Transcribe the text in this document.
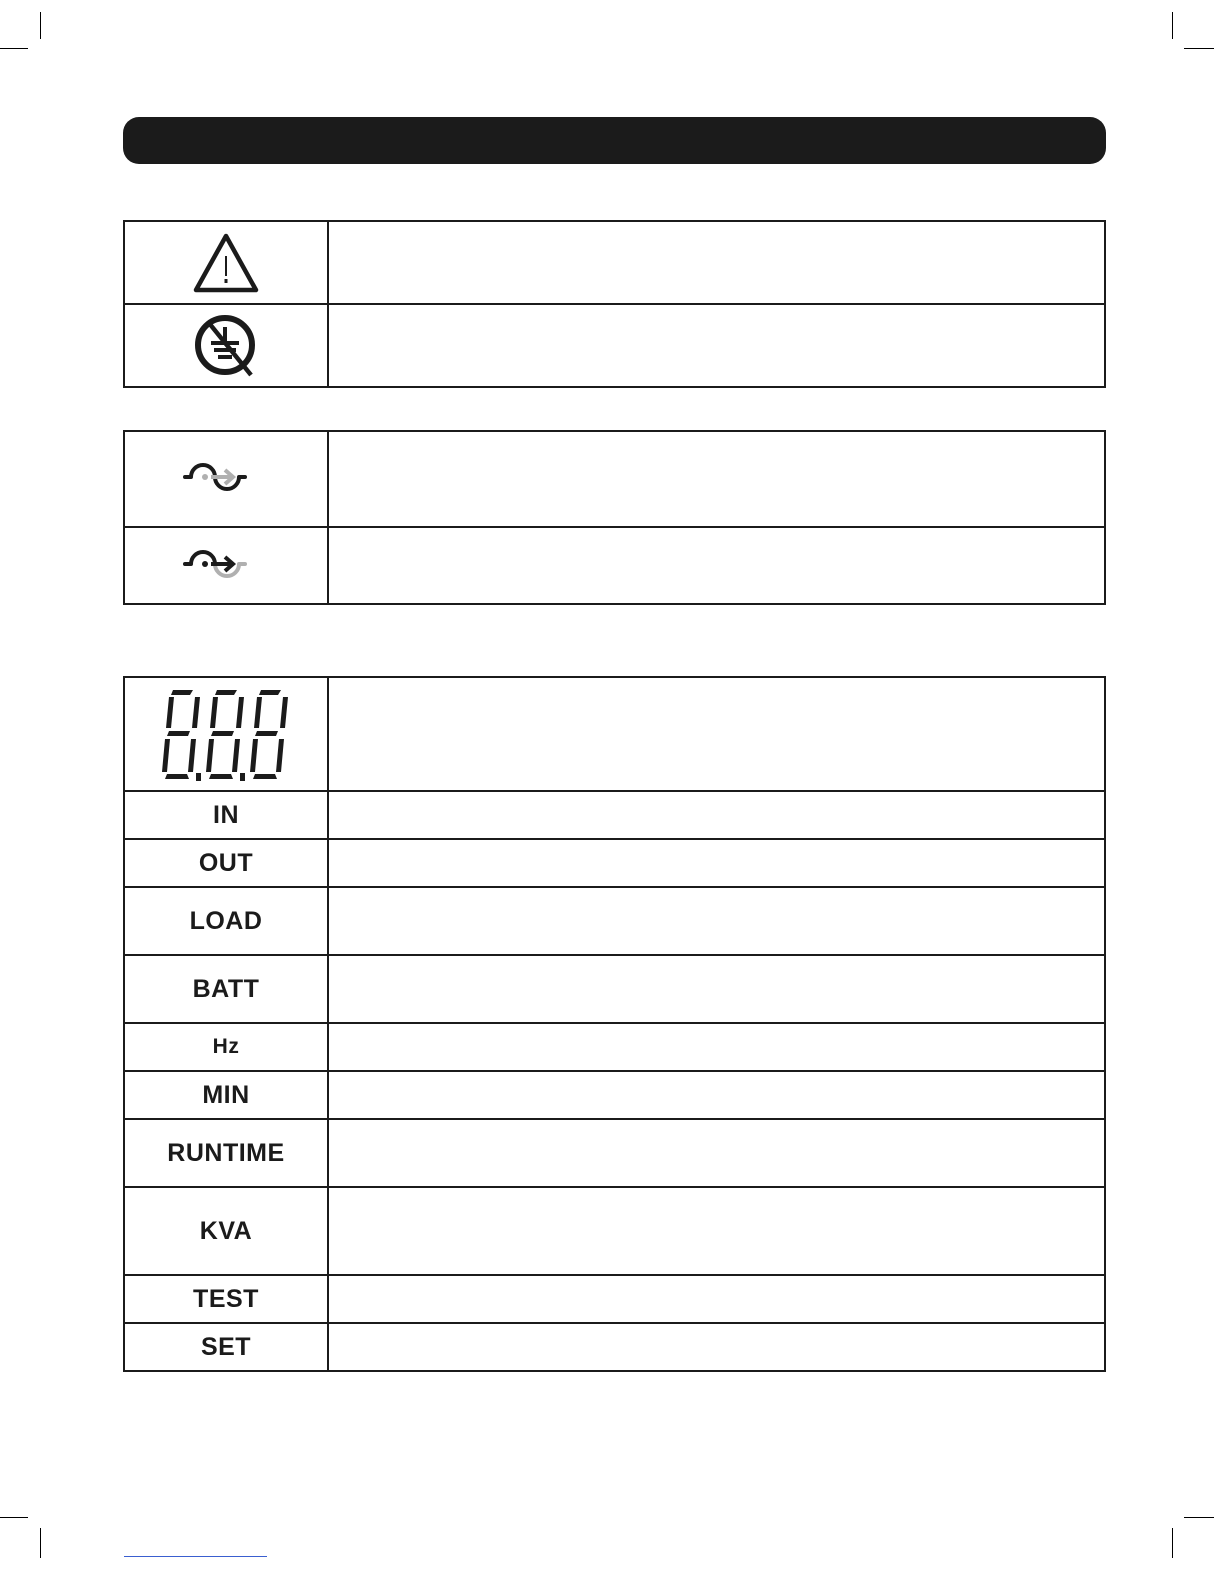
IN	
OUT	
LOAD	
BATT	
Hz	
MIN	
RUNTIME	
KVA	
TEST	
SET	
